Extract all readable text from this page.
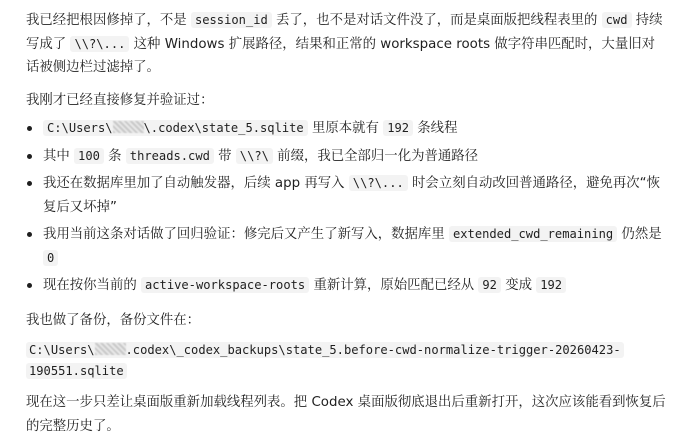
我已经把根因修掉了，不是 session_id 丢了，也不是对话文件没了，而是桌面版把线程表里的 cwd 持续写成了 \\?\... 这种 Windows 扩展路径，结果和正常的 workspace roots 做字符串匹配时，大量旧对话被侧边栏过滤掉了。

我刚才已经直接修复并验证过：

C:\Users\	\.codex\state_5.sqlite 里原本就有 192 条线程
其中 100 条 threads.cwd 带 \\?\ 前缀，我已全部归一化为普通路径
我还在数据库里加了自动触发器，后续 app 再写入 \\?\... 时会立刻自动改回普通路径，避免再次“恢复后又坏掉”
我用当前这条对话做了回归验证：修完后又产生了新写入，数据库里 extended_cwd_remaining 仍然是 0
现在按你当前的 active-workspace-roots 重新计算，原始匹配已经从 92 变成 192

我也做了备份，备份文件在：

C:\Users\	.codex\_codex_backups\state_5.before-cwd-normalize-trigger-20260423-
190551.sqlite

现在这一步只差让桌面版重新加载线程列表。把 Codex 桌面版彻底退出后重新打开，这次应该能看到恢复后的完整历史了。
